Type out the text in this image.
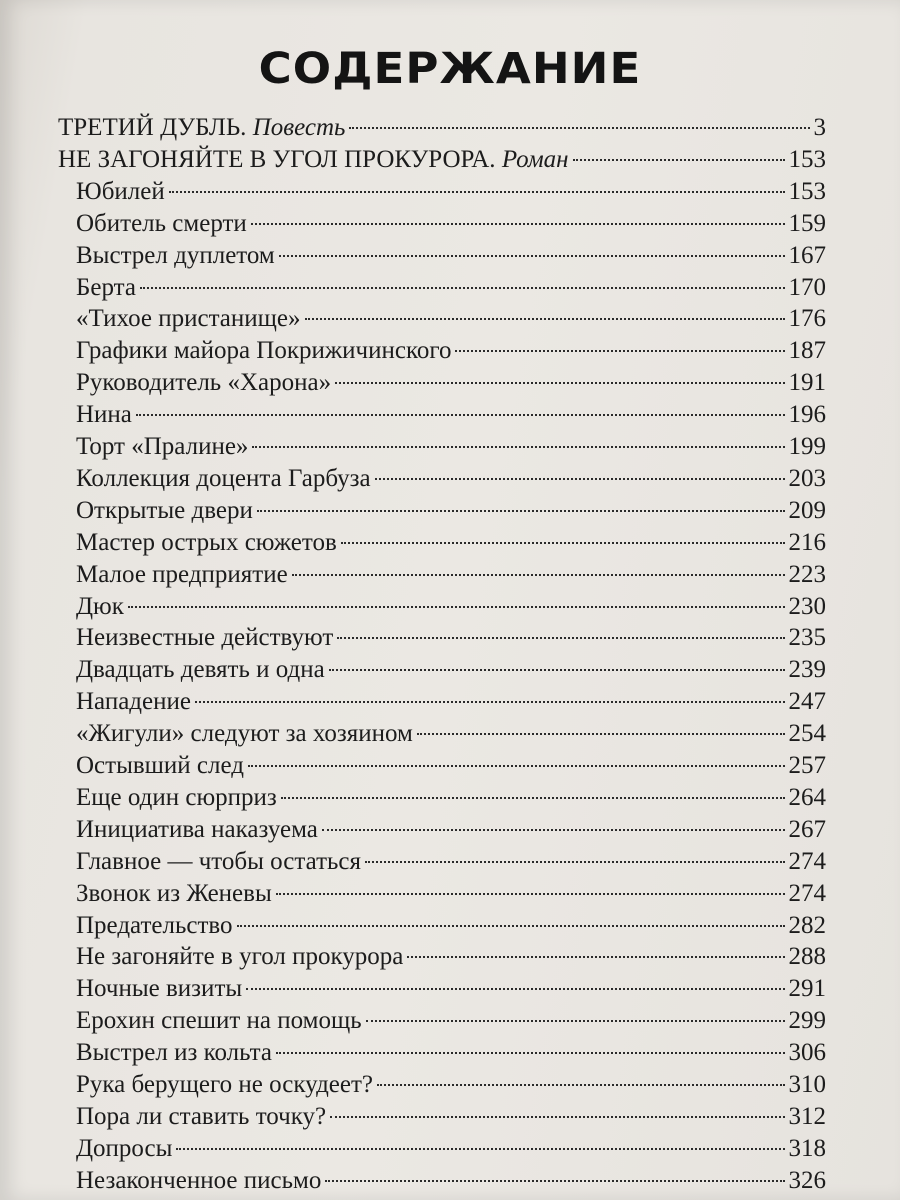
СОДЕРЖАНИЕ
ТРЕТИЙ ДУБЛЬ. Повесть	3
НЕ ЗАГОНЯЙТЕ В УГОЛ ПРОКУРОРА. Роман	153
Юбилей	153
Обитель смерти	159
Выстрел дуплетом	167
Берта	170
«Тихое пристанище»	176
Графики майора Покрижичинского	187
Руководитель «Харона»	191
Нина	196
Торт «Пралине»	199
Коллекция доцента Гарбуза	203
Открытые двери	209
Мастер острых сюжетов	216
Малое предприятие	223
Дюк	230
Неизвестные действуют	235
Двадцать девять и одна	239
Нападение	247
«Жигули» следуют за хозяином	254
Остывший след	257
Еще один сюрприз	264
Инициатива наказуема	267
Главное — чтобы остаться	274
Звонок из Женевы	274
Предательство	282
Не загоняйте в угол прокурора	288
Ночные визиты	291
Ерохин спешит на помощь	299
Выстрел из кольта	306
Рука берущего не оскудеет?	310
Пора ли ставить точку?	312
Допросы	318
Незаконченное письмо	326
